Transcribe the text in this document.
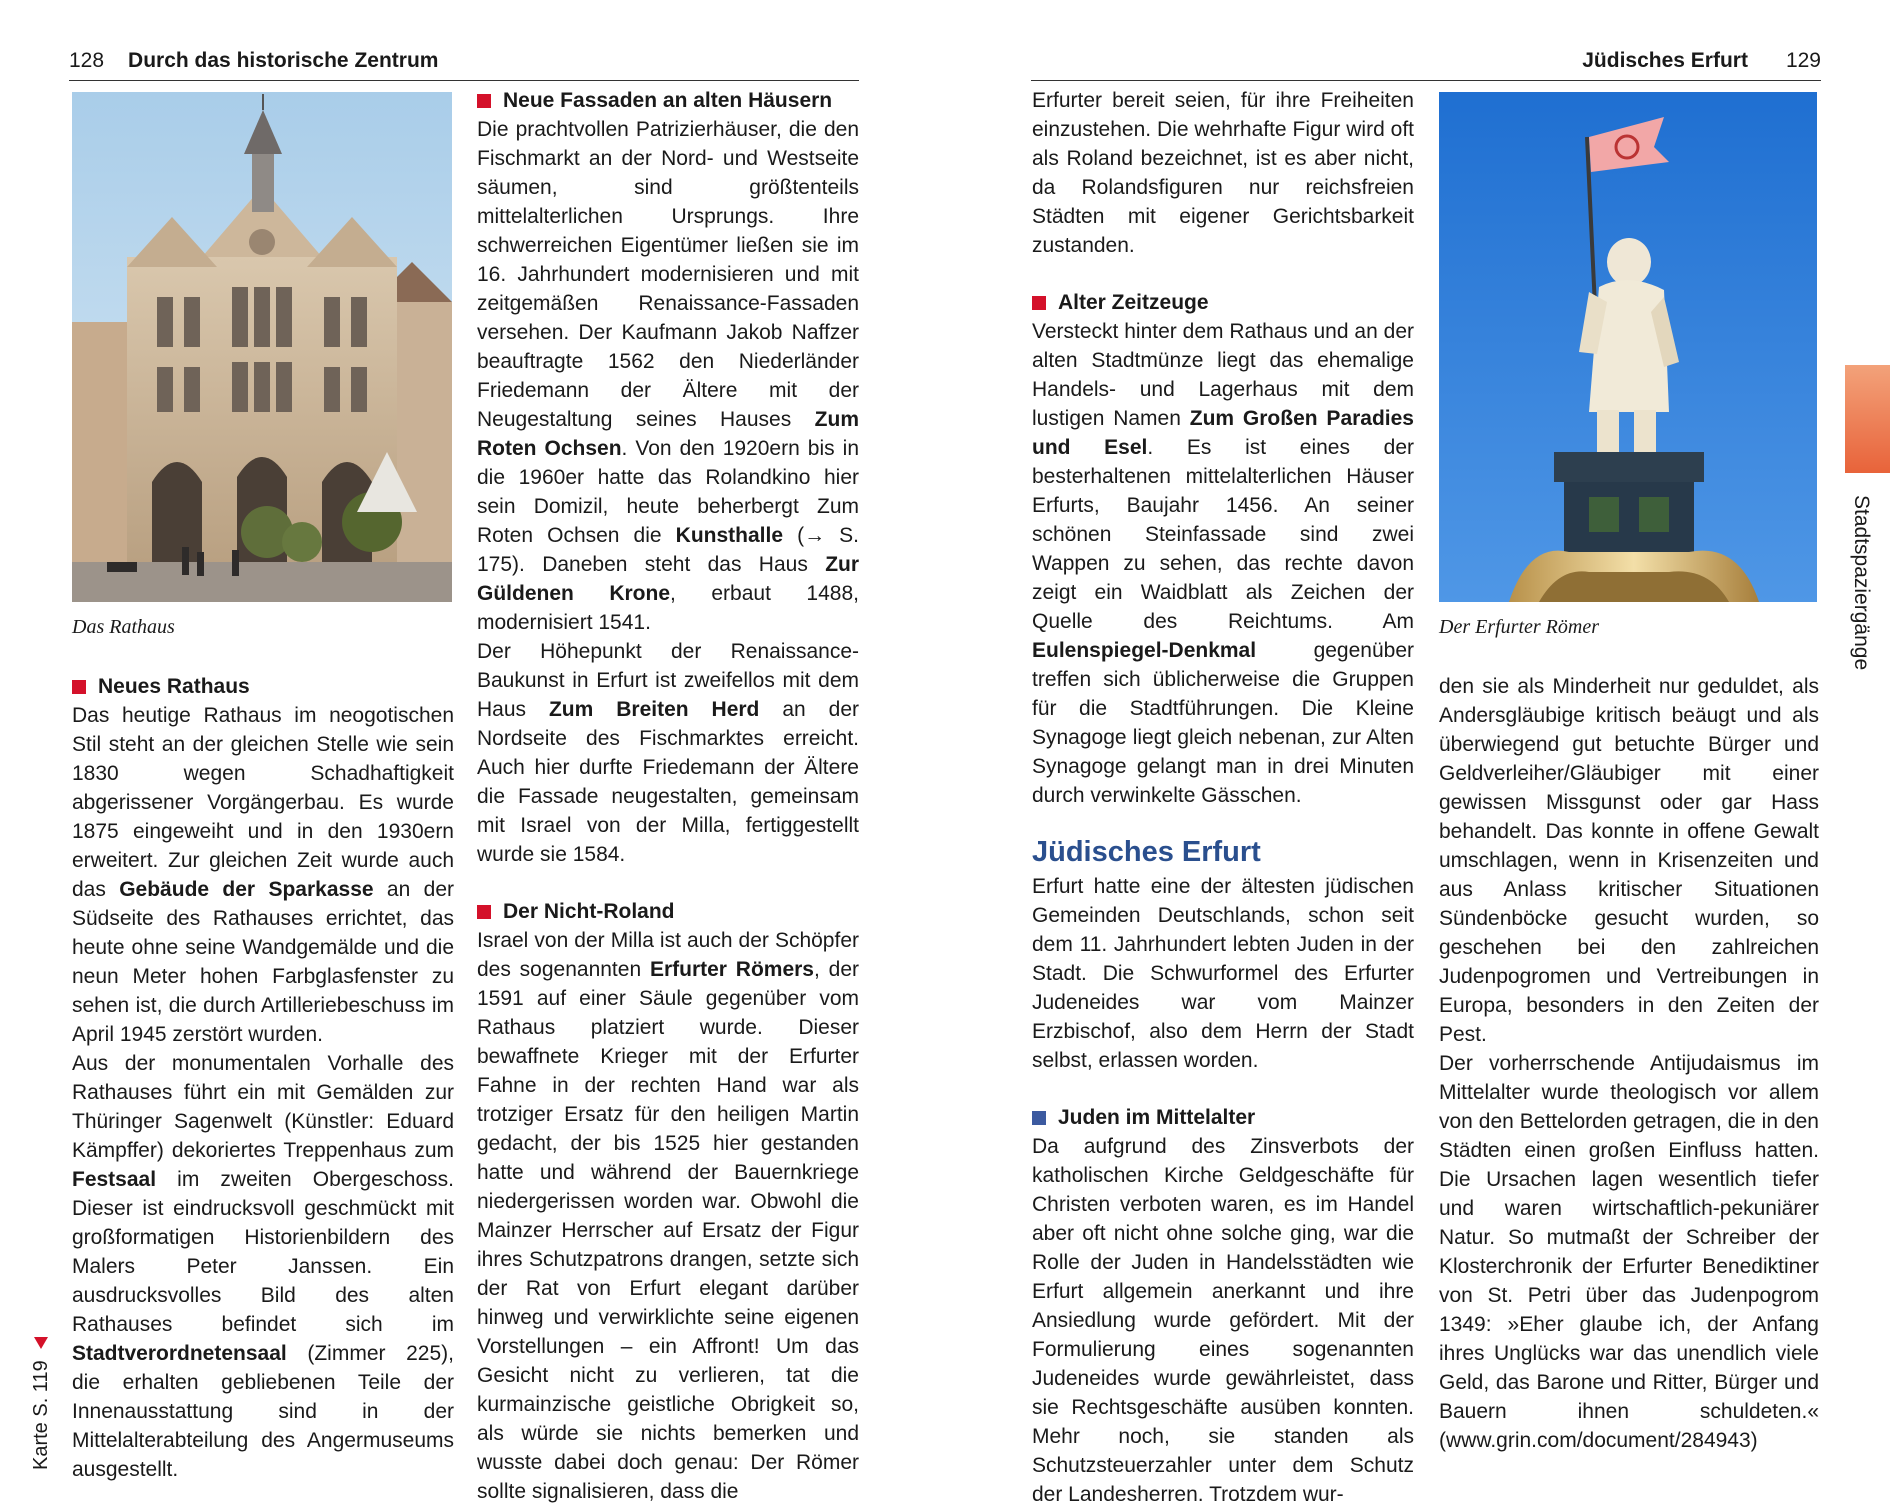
128 Durch das historische Zentrum
Das Rathaus
Neues Rathaus

Das heutige Rathaus im neogotischen Stil steht an der gleichen Stelle wie sein 1830 wegen Schadhaftigkeit abgerissener Vorgängerbau. Es wurde 1875 eingeweiht und in den 1930ern erweitert. Zur gleichen Zeit wurde auch das Gebäude der Sparkasse an der Südseite des Rathauses errichtet, das heute ohne seine Wandgemälde und die neun Meter hohen Farbglasfenster zu sehen ist, die durch Artilleriebeschuss im April 1945 zerstört wurden.

Aus der monumentalen Vorhalle des Rathauses führt ein mit Gemälden zur Thüringer Sagenwelt (Künstler: Eduard Kämpffer) dekoriertes Treppenhaus zum Festsaal im zweiten Obergeschoss. Dieser ist eindrucksvoll geschmückt mit großformatigen Historienbildern des Malers Peter Janssen. Ein ausdrucksvolles Bild des alten Rathauses befindet sich im Stadtverordnetensaal (Zimmer 225), die erhalten gebliebenen Teile der Innenausstattung sind in der Mittelalterabteilung des Angermuseums ausgestellt.

Neue Fassaden an alten Häusern

Die prachtvollen Patrizierhäuser, die den Fischmarkt an der Nord- und Westseite säumen, sind größtenteils mittelalterlichen Ursprungs. Ihre schwerreichen Eigentümer ließen sie im 16. Jahrhundert modernisieren und mit zeitgemäßen Renaissance-Fassaden versehen. Der Kaufmann Jakob Naffzer beauftragte 1562 den Niederländer Friedemann der Ältere mit der Neugestaltung seines Hauses Zum Roten Ochsen. Von den 1920ern bis in die 1960er hatte das Rolandkino hier sein Domizil, heute beherbergt Zum Roten Ochsen die Kunsthalle (→ S. 175). Daneben steht das Haus Zur Güldenen Krone, erbaut 1488, modernisiert 1541.

Der Höhepunkt der Renaissance-Baukunst in Erfurt ist zweifellos mit dem Haus Zum Breiten Herd an der Nordseite des Fischmarktes erreicht. Auch hier durfte Friedemann der Ältere die Fassade neugestalten, gemeinsam mit Israel von der Milla, fertiggestellt wurde sie 1584.

Der Nicht-Roland

Israel von der Milla ist auch der Schöpfer des sogenannten Erfurter Römers, der 1591 auf einer Säule gegenüber vom Rathaus platziert wurde. Dieser bewaffnete Krieger mit der Erfurter Fahne in der rechten Hand war als trotziger Ersatz für den heiligen Martin gedacht, der bis 1525 hier gestanden hatte und während der Bauernkriege niedergerissen worden war. Obwohl die Mainzer Herrscher auf Ersatz der Figur ihres Schutzpatrons drangen, setzte sich der Rat von Erfurt elegant darüber hinweg und verwirklichte seine eigenen Vorstellungen – ein Affront! Um das Gesicht nicht zu verlieren, tat die kurmainzische geistliche Obrigkeit so, als würde sie nichts bemerken und wusste dabei doch genau: Der Römer sollte signalisieren, dass die

Karte S. 119
Jüdisches Erfurt 129

Erfurter bereit seien, für ihre Freiheiten einzustehen. Die wehrhafte Figur wird oft als Roland bezeichnet, ist es aber nicht, da Rolandsfiguren nur reichsfreien Städten mit eigener Gerichtsbarkeit zustanden.

Alter Zeitzeuge

Versteckt hinter dem Rathaus und an der alten Stadtmünze liegt das ehemalige Handels- und Lagerhaus mit dem lustigen Namen Zum Großen Paradies und Esel. Es ist eines der besterhaltenen mittelalterlichen Häuser Erfurts, Baujahr 1456. An seiner schönen Steinfassade sind zwei Wappen zu sehen, das rechte davon zeigt ein Waidblatt als Zeichen der Quelle des Reichtums. Am Eulenspiegel-Denkmal	gegenüber treffen sich üblicherweise die Gruppen für die Stadtführungen. Die Kleine Synagoge liegt gleich nebenan, zur Alten Synagoge gelangt man in drei Minuten durch verwinkelte Gässchen.

Jüdisches Erfurt

Erfurt hatte eine der ältesten jüdischen Gemeinden Deutschlands, schon seit dem 11. Jahrhundert lebten Juden in der Stadt. Die Schwurformel des Erfurter Judeneides war vom Mainzer Erzbischof, also dem Herrn der Stadt selbst, erlassen worden.

Juden im Mittelalter

Da aufgrund des Zinsverbots der katholischen Kirche Geldgeschäfte für Christen verboten waren, es im Handel aber oft nicht ohne solche ging, war die Rolle der Juden in Handelsstädten wie Erfurt allgemein anerkannt und ihre Ansiedlung wurde gefördert. Mit der Formulierung eines sogenannten Judeneides wurde gewährleistet, dass sie Rechtsgeschäfte ausüben konnten. Mehr noch, sie standen als Schutzsteuerzahler unter dem Schutz der Landesherren. Trotzdem wur-

Der Erfurter Römer

den sie als Minderheit nur geduldet, als Andersgläubige kritisch beäugt und als überwiegend gut betuchte Bürger und Geldverleiher/Gläubiger mit einer gewissen Missgunst oder gar Hass behandelt. Das konnte in offene Gewalt umschlagen, wenn in Krisenzeiten und aus Anlass kritischer Situationen Sündenböcke gesucht wurden, so geschehen bei den zahlreichen Judenpogromen und Vertreibungen in Europa, besonders in den Zeiten der Pest.

Der vorherrschende Antijudaismus im Mittelalter wurde theologisch vor allem von den Bettelorden getragen, die in den Städten einen großen Einfluss hatten. Die Ursachen lagen wesentlich tiefer und waren wirtschaftlich-pekuniärer Natur. So mutmaßt der Schreiber der Klosterchronik der Erfurter Benediktiner von St. Petri über das Judenpogrom 1349: »Eher glaube ich, der Anfang ihres Unglücks war das unendlich viele Geld, das Barone und Ritter, Bürger und Bauern ihnen schuldeten.« (www.grin.com/document/284943)

Stadtspaziergänge
